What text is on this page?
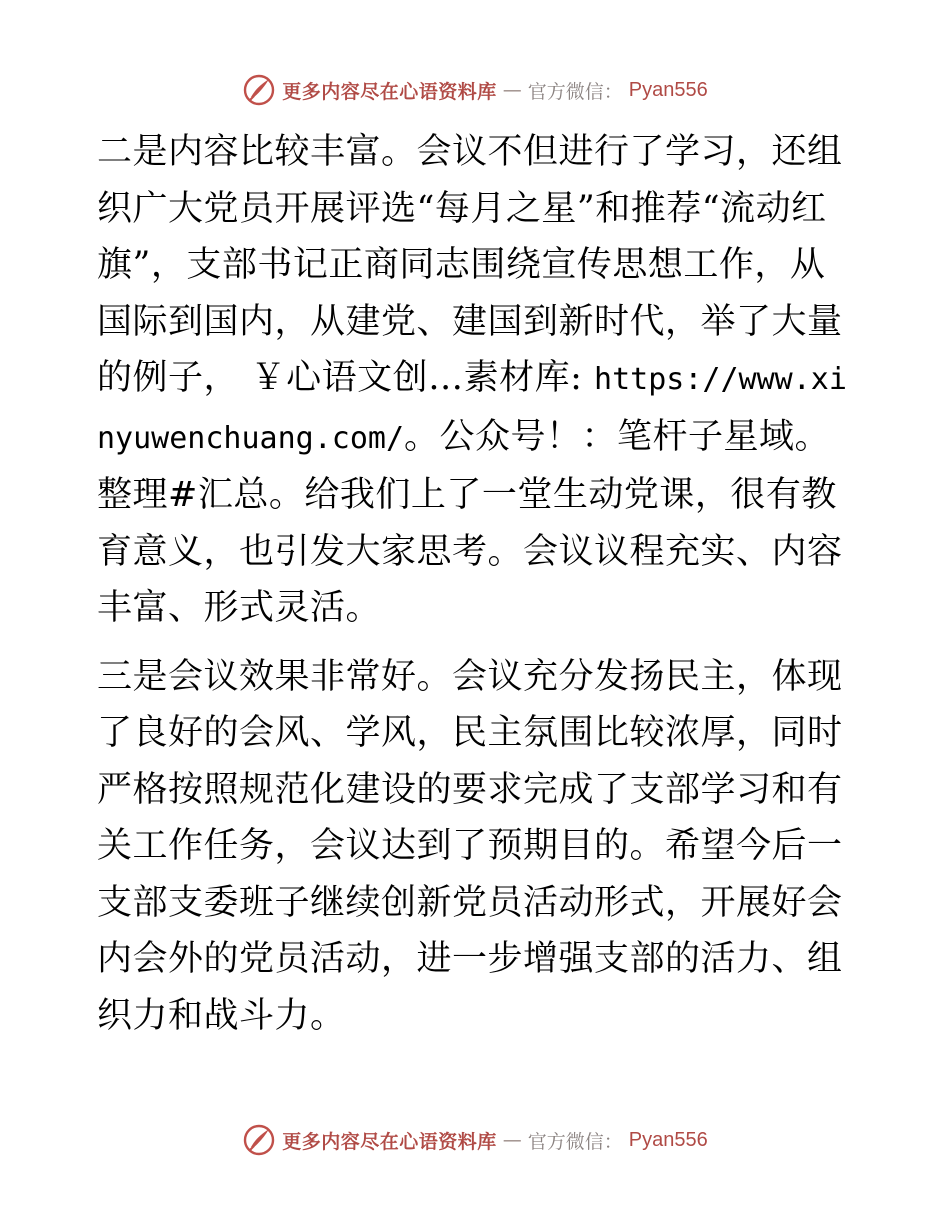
更多内容尽在心语资料库 — 官方微信： Pyan556

二是内容比较丰富。会议不但进行了学习，还组织广大党员开展评选“每月之星”和推荐“流动红旗”，支部书记正商同志围绕宣传思想工作，从国际到国内，从建党、建国到新时代，举了大量的例子， ￥心语文创…素材库: https://www.xinyuwenchuang.com/。公众号！：笔杆子星域。整理#汇总。给我们上了一堂生动党课，很有教育意义，也引发大家思考。会议议程充实、内容丰富、形式灵活。

三是会议效果非常好。会议充分发扬民主，体现了良好的会风、学风，民主氛围比较浓厚，同时严格按照规范化建设的要求完成了支部学习和有关工作任务，会议达到了预期目的。希望今后一支部支委班子继续创新党员活动形式，开展好会内会外的党员活动，进一步增强支部的活力、组织力和战斗力。

更多内容尽在心语资料库 — 官方微信： Pyan556
